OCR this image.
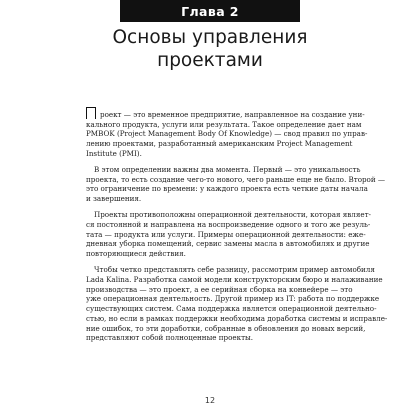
Глава 2
Основы управления
проектами

роект — это временное предприятие, направленное на создание уни-
кального продукта, услуги или результата. Такое определение дает нам
PMBOK (Project Management Body Of Knowledge) — свод правил по управ-
лению проектами, разработанный американским Project Management
Institute (PMI).

В этом определении важны два момента. Первый — это уникальность
проекта, то есть создание чего-то нового, чего раньше еще не было. Второй —
это ограничение по времени: у каждого проекта есть четкие даты начала
и завершения.

Проекты противоположны операционной деятельности, которая являет-
ся постоянной и направлена на воспроизведение одного и того же резуль-
тата — продукта или услуги. Примеры операционной деятельности: еже-
дневная уборка помещений, сервис замены масла в автомобилях и другие
повторяющиеся действия.

Чтобы четко представлять себе разницу, рассмотрим пример автомобиля
Lada Kalina. Разработка самой модели конструкторским бюро и налаживание
производства — это проект, а ее серийная сборка на конвейере — это
уже операционная деятельность. Другой пример из IT: работа по поддержке
существующих систем. Сама поддержка является операционной деятельно-
стью, но если в рамках поддержки необходима доработка системы и исправле-
ние ошибок, то эти доработки, собранные в обновления до новых версий,
представляют собой полноценные проекты.

12
